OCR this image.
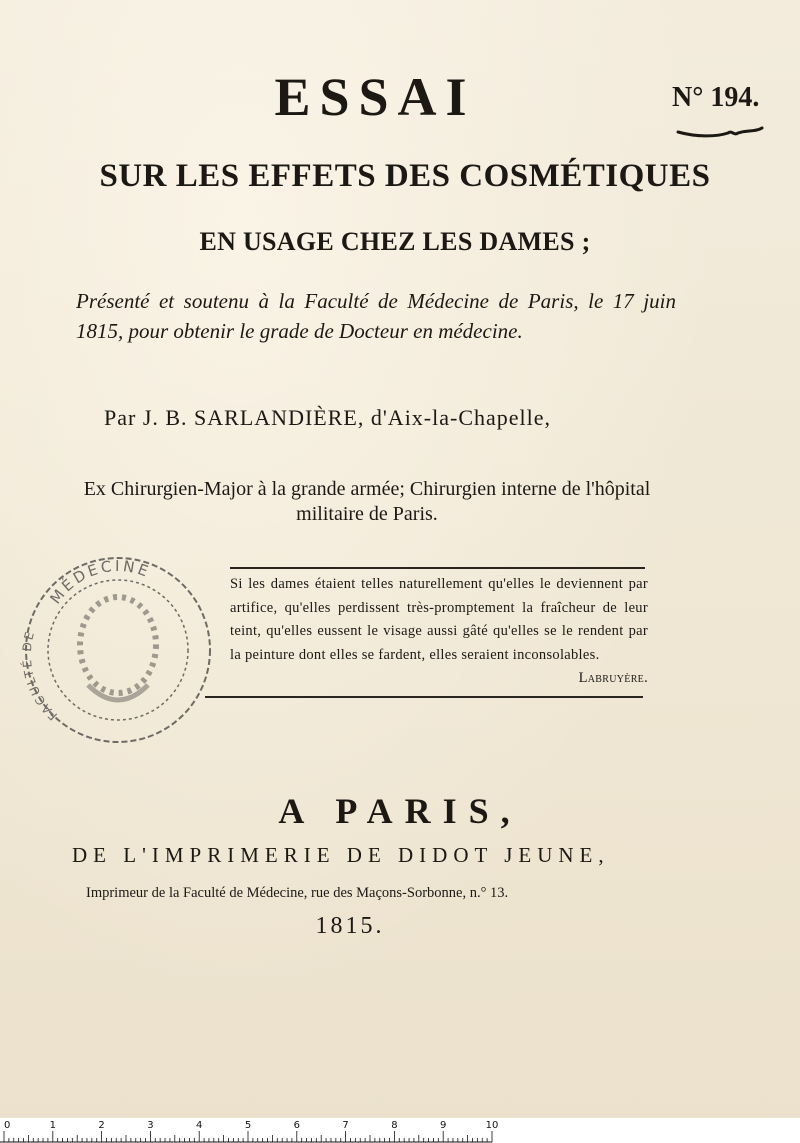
ESSAI	N° 194.
SUR LES EFFETS DES COSMÉTIQUES
EN USAGE CHEZ LES DAMES ;

Présenté et soutenu à la Faculté de Médecine de Paris, le 17 juin 1815, pour obtenir le grade de Docteur en médecine.

Par J. B. SARLANDIÈRE, d'Aix-la-Chapelle,

Ex Chirurgien-Major à la grande armée; Chirurgien interne de l'hôpital militaire de Paris.

Si les dames étaient telles naturellement qu'elles le deviennent par artifice, qu'elles perdissent très-promptement la fraîcheur de leur teint, qu'elles eussent le visage aussi gâté qu'elles se le rendent par la peinture dont elles se fardent, elles seraient inconsolables.
Labruyère.
MÉDECINE
FACULTÉ DE

A PARIS,

DE L'IMPRIMERIE DE DIDOT JEUNE,

Imprimeur de la Faculté de Médecine, rue des Maçons-Sorbonne, n.° 13.

1815.

0	1	2	3	4	5	6	7	8	9	10
